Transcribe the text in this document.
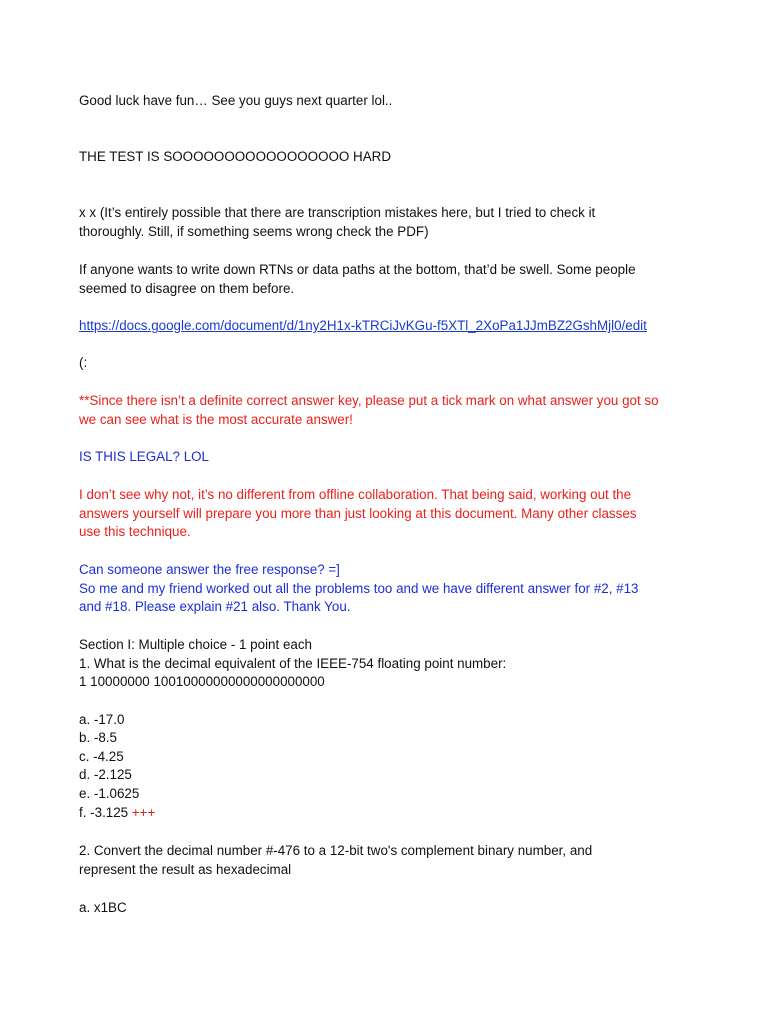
Good luck have fun… See you guys next quarter lol..
THE TEST IS SOOOOOOOOOOOOOOOOO HARD
x x (It’s entirely possible that there are transcription mistakes here, but I tried to check it
thoroughly. Still, if something seems wrong check the PDF)
If anyone wants to write down RTNs or data paths at the bottom, that’d be swell. Some people
seemed to disagree on them before.
https://docs.google.com/document/d/1ny2H1x-kTRCiJvKGu-f5XTl_2XoPa1JJmBZ2GshMjl0/edit
(:
**Since there isn’t a definite correct answer key, please put a tick mark on what answer you got so
we can see what is the most accurate answer!
IS THIS LEGAL? LOL
I don’t see why not, it’s no different from offline collaboration. That being said, working out the
answers yourself will prepare you more than just looking at this document. Many other classes
use this technique.
Can someone answer the free response? =]
So me and my friend worked out all the problems too and we have different answer for #2, #13
and #18. Please explain #21 also. Thank You.
Section I: Multiple choice - 1 point each
1. What is the decimal equivalent of the IEEE-754 floating point number:
1 10000000 10010000000000000000000
a. -17.0
b. -8.5
c. -4.25
d. -2.125
e. -1.0625
f. -3.125 +++
2. Convert the decimal number #-476 to a 12-bit two's complement binary number, and
represent the result as hexadecimal
a. x1BC
